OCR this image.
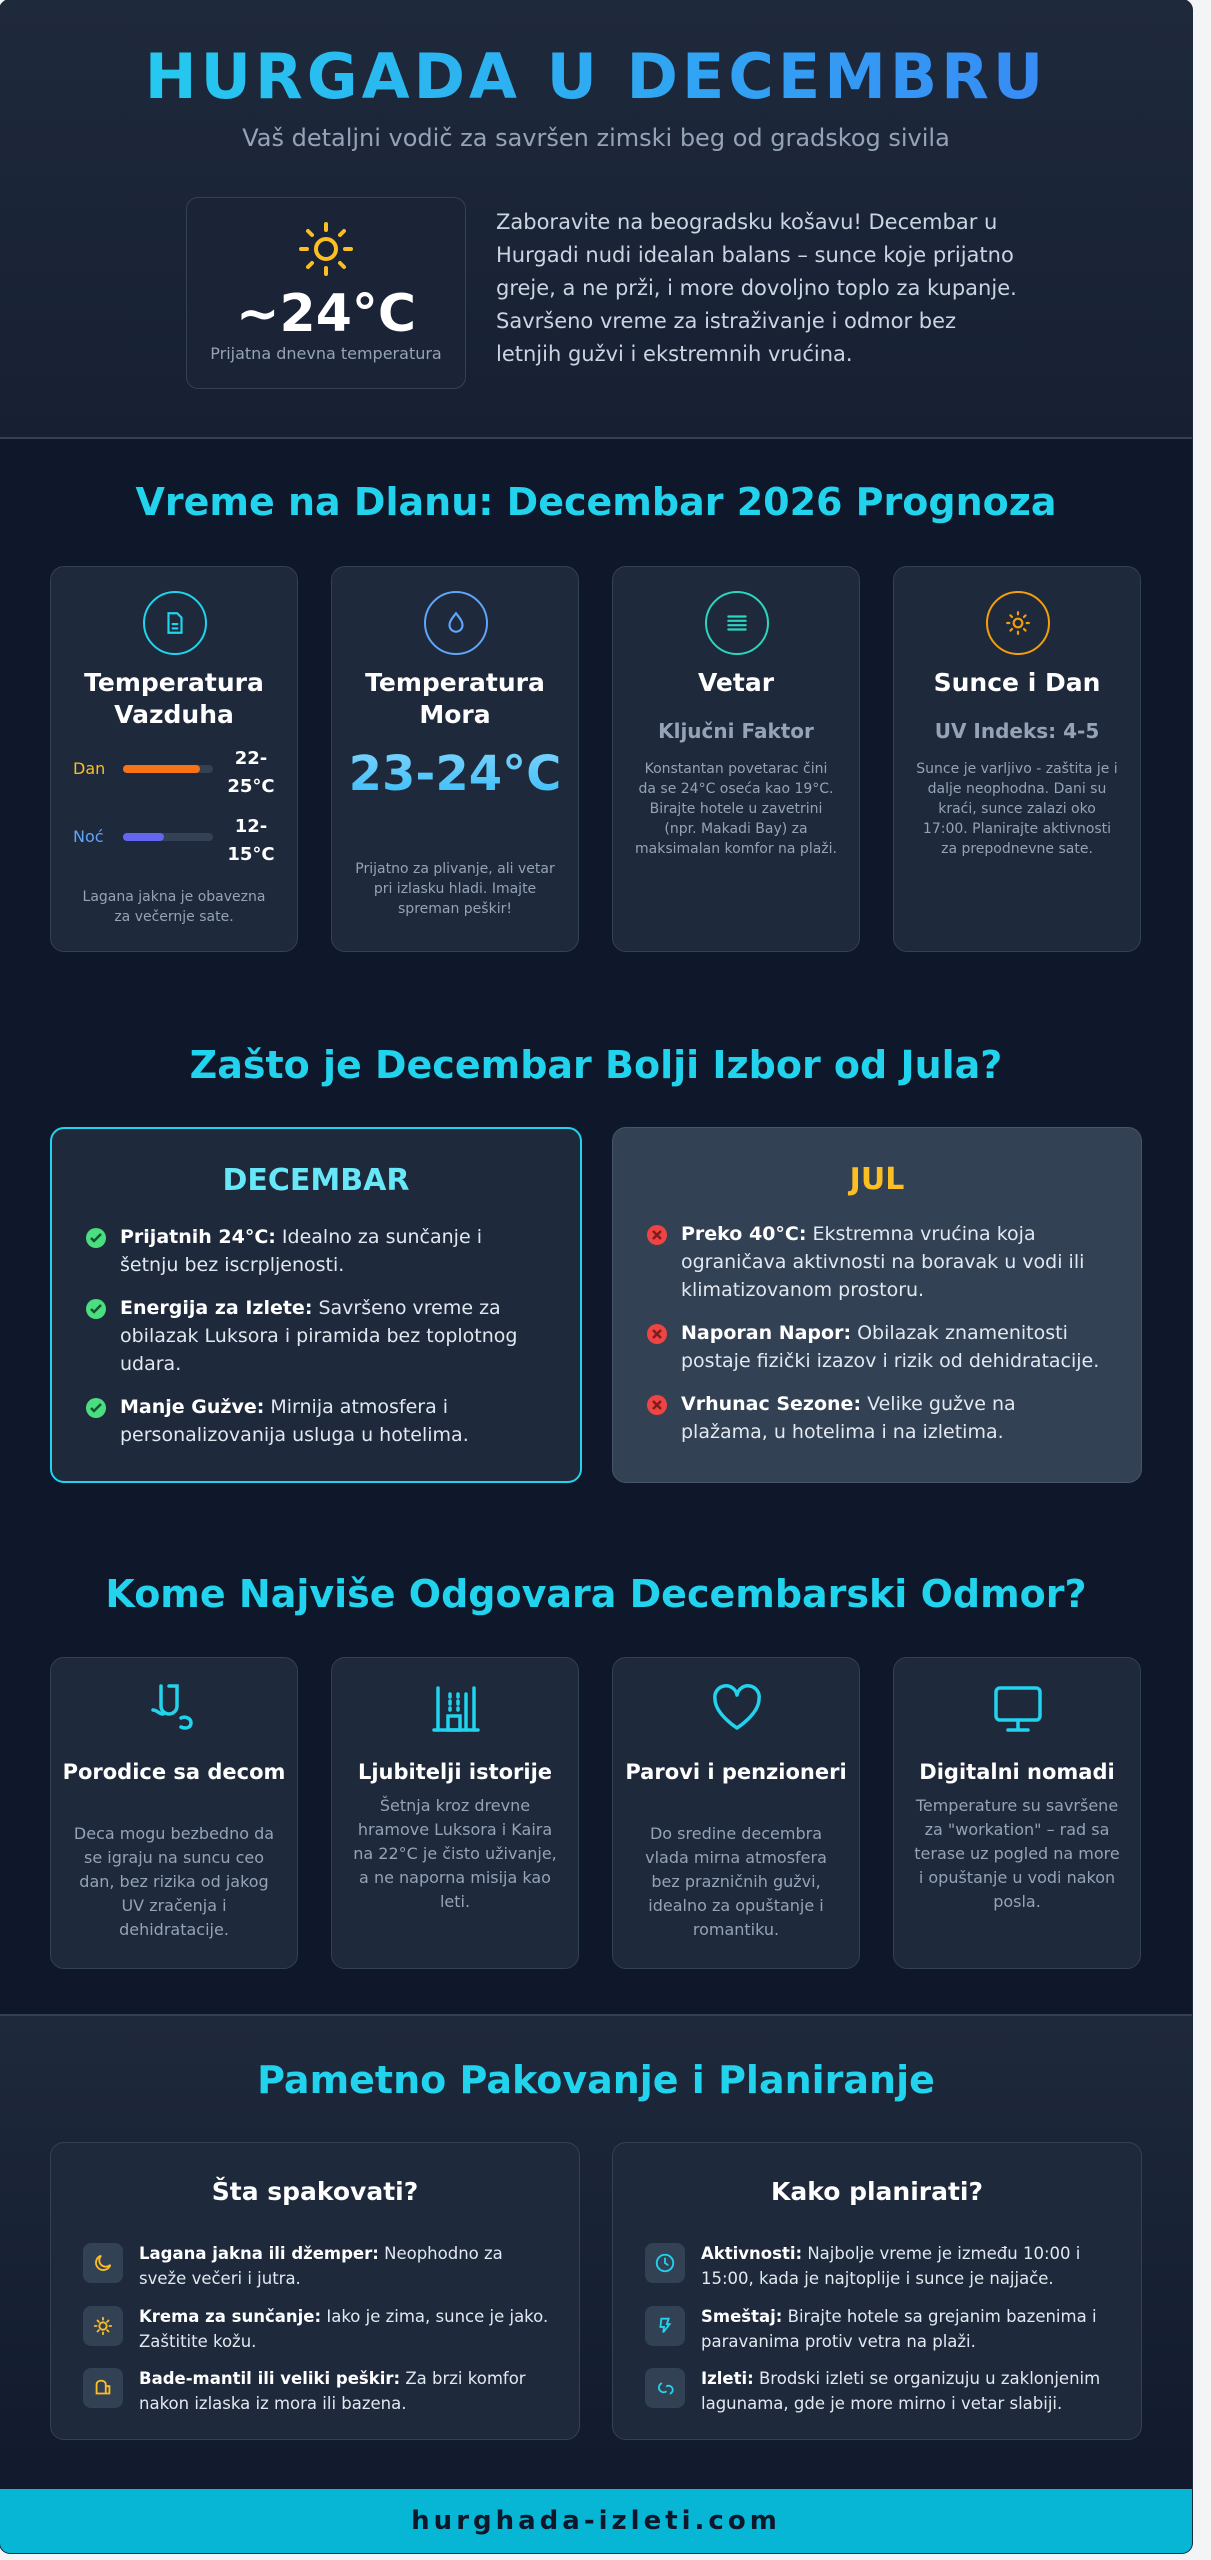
HURGADA U DECEMBRU
Vaš detaljni vodič za savršen zimski beg od gradskog sivila
~24°C
Prijatna dnevna temperatura
Zaboravite na beogradsku košavu! Decembar u Hurgadi nudi idealan balans – sunce koje prijatno greje, a ne prži, i more dovoljno toplo za kupanje. Savršeno vreme za istraživanje i odmor bez letnjih gužvi i ekstremnih vrućina.
Vreme na Dlanu: Decembar 2026 Prognoza
Temperatura Vazduha
Dan	22-25°C
Noć	12-15°C
Lagana jakna je obavezna za večernje sate.
Temperatura Mora
23-24°C
Prijatno za plivanje, ali vetar pri izlasku hladi. Imajte spreman peškir!
Vetar
Ključni Faktor
Konstantan povetarac čini da se 24°C oseća kao 19°C. Birajte hotele u zavetrini (npr. Makadi Bay) za maksimalan komfor na plaži.
Sunce i Dan
UV Indeks: 4-5
Sunce je varljivo - zaštita je i dalje neophodna. Dani su kraći, sunce zalazi oko 17:00. Planirajte aktivnosti za prepodnevne sate.
Zašto je Decembar Bolji Izbor od Jula?
DECEMBAR
Prijatnih 24°C: Idealno za sunčanje i šetnju bez iscrpljenosti.
Energija za Izlete: Savršeno vreme za obilazak Luksora i piramida bez toplotnog udara.
Manje Gužve: Mirnija atmosfera i personalizovanija usluga u hotelima.
JUL
Preko 40°C: Ekstremna vrućina koja ograničava aktivnosti na boravak u vodi ili klimatizovanom prostoru.
Naporan Napor: Obilazak znamenitosti postaje fizički izazov i rizik od dehidratacije.
Vrhunac Sezone: Velike gužve na plažama, u hotelima i na izletima.
Kome Najviše Odgovara Decembarski Odmor?
Porodice sa decom
Deca mogu bezbedno da se igraju na suncu ceo dan, bez rizika od jakog UV zračenja i dehidratacije.
Ljubitelji istorije
Šetnja kroz drevne hramove Luksora i Kaira na 22°C je čisto uživanje, a ne naporna misija kao leti.
Parovi i penzioneri
Do sredine decembra vlada mirna atmosfera bez prazničnih gužvi, idealno za opuštanje i romantiku.
Digitalni nomadi
Temperature su savršene za "workation" – rad sa terase uz pogled na more i opuštanje u vodi nakon posla.
Pametno Pakovanje i Planiranje
Šta spakovati?
Lagana jakna ili džemper: Neophodno za sveže večeri i jutra.
Krema za sunčanje: Iako je zima, sunce je jako. Zaštitite kožu.
Bade-mantil ili veliki peškir: Za brzi komfor nakon izlaska iz mora ili bazena.
Kako planirati?
Aktivnosti: Najbolje vreme je između 10:00 i 15:00, kada je najtoplije i sunce je najjače.
Smeštaj: Birajte hotele sa grejanim bazenima i paravanima protiv vetra na plaži.
Izleti: Brodski izleti se organizuju u zaklonjenim lagunama, gde je more mirno i vetar slabiji.
hurghada-izleti.com
